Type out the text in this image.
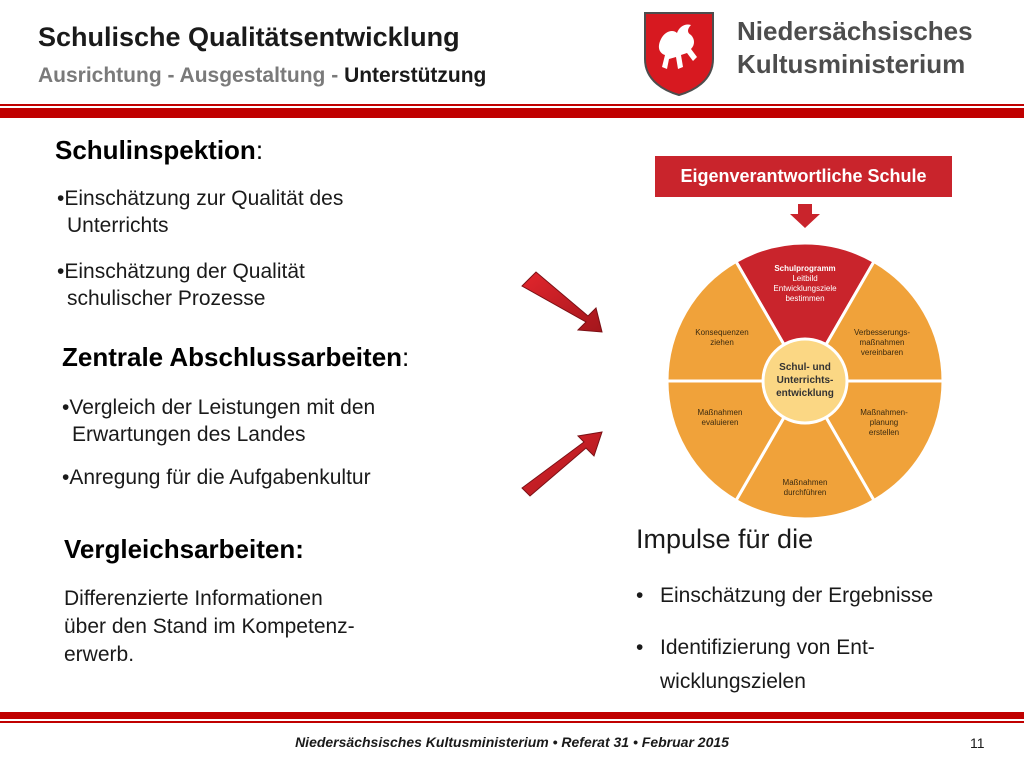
Schulische Qualitätsentwicklung
Ausrichtung - Ausgestaltung - Unterstützung
Niedersächsisches
Kultusministerium
Schulinspektion:
•Einschätzung zur Qualität des
Unterrichts
•Einschätzung der Qualität
schulischer Prozesse
Zentrale Abschlussarbeiten:
•Vergleich der Leistungen mit den
Erwartungen des Landes
•Anregung für die Aufgabenkultur
Vergleichsarbeiten:
Differenzierte Informationen
über den Stand im Kompetenz-
erwerb.
Eigenverantwortliche Schule
Schul- und
Unterrichts-
entwicklung
Schulprogramm
Leitbild
Entwicklungsziele
bestimmen
Verbesserungs-
maßnahmen
vereinbaren
Maßnahmen-
planung
erstellen
Maßnahmen
durchführen
Maßnahmen
evaluieren
Konsequenzen
ziehen
Impulse für die
• Einschätzung der Ergebnisse
• Identifizierung von Ent-
wicklungszielen
Niedersächsisches Kultusministerium • Referat 31 • Februar 2015	11
